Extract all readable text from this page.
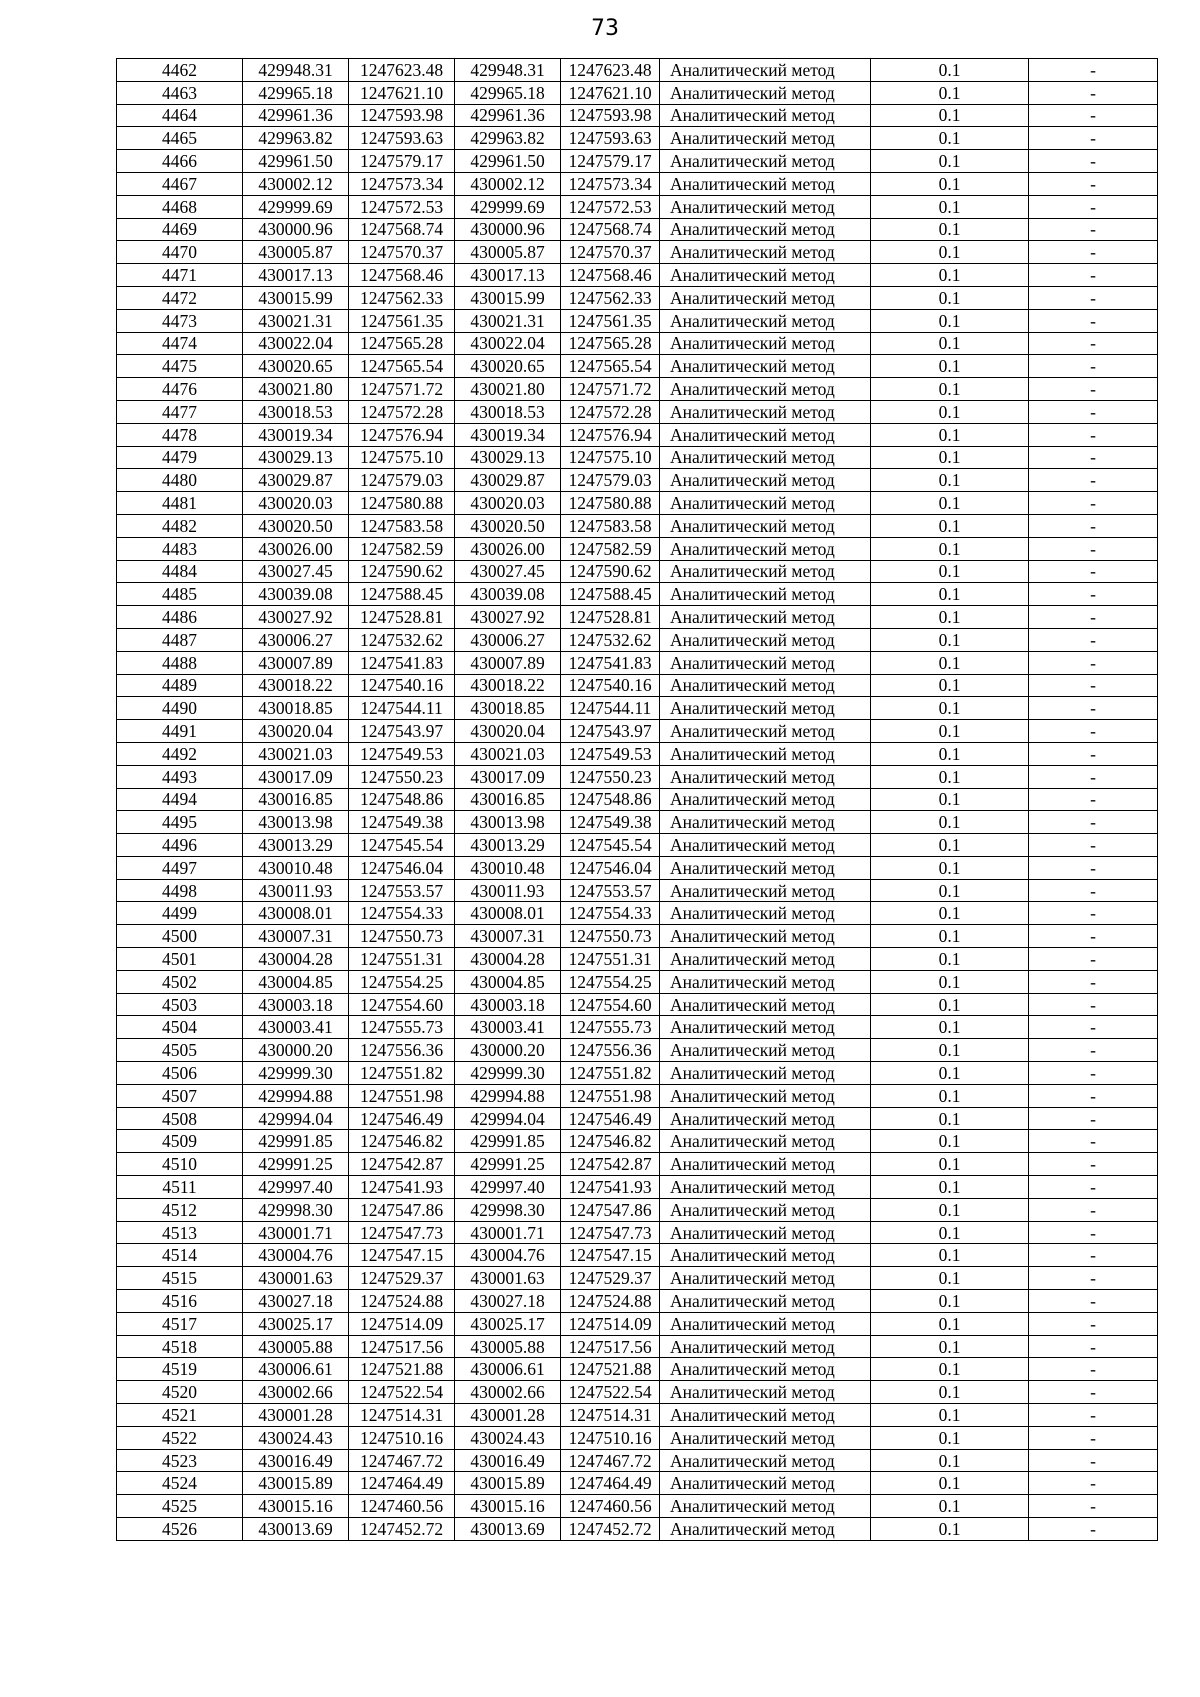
73
4462	429948.31	1247623.48	429948.31	1247623.48	Аналитический метод	0.1	-
4463	429965.18	1247621.10	429965.18	1247621.10	Аналитический метод	0.1	-
4464	429961.36	1247593.98	429961.36	1247593.98	Аналитический метод	0.1	-
4465	429963.82	1247593.63	429963.82	1247593.63	Аналитический метод	0.1	-
4466	429961.50	1247579.17	429961.50	1247579.17	Аналитический метод	0.1	-
4467	430002.12	1247573.34	430002.12	1247573.34	Аналитический метод	0.1	-
4468	429999.69	1247572.53	429999.69	1247572.53	Аналитический метод	0.1	-
4469	430000.96	1247568.74	430000.96	1247568.74	Аналитический метод	0.1	-
4470	430005.87	1247570.37	430005.87	1247570.37	Аналитический метод	0.1	-
4471	430017.13	1247568.46	430017.13	1247568.46	Аналитический метод	0.1	-
4472	430015.99	1247562.33	430015.99	1247562.33	Аналитический метод	0.1	-
4473	430021.31	1247561.35	430021.31	1247561.35	Аналитический метод	0.1	-
4474	430022.04	1247565.28	430022.04	1247565.28	Аналитический метод	0.1	-
4475	430020.65	1247565.54	430020.65	1247565.54	Аналитический метод	0.1	-
4476	430021.80	1247571.72	430021.80	1247571.72	Аналитический метод	0.1	-
4477	430018.53	1247572.28	430018.53	1247572.28	Аналитический метод	0.1	-
4478	430019.34	1247576.94	430019.34	1247576.94	Аналитический метод	0.1	-
4479	430029.13	1247575.10	430029.13	1247575.10	Аналитический метод	0.1	-
4480	430029.87	1247579.03	430029.87	1247579.03	Аналитический метод	0.1	-
4481	430020.03	1247580.88	430020.03	1247580.88	Аналитический метод	0.1	-
4482	430020.50	1247583.58	430020.50	1247583.58	Аналитический метод	0.1	-
4483	430026.00	1247582.59	430026.00	1247582.59	Аналитический метод	0.1	-
4484	430027.45	1247590.62	430027.45	1247590.62	Аналитический метод	0.1	-
4485	430039.08	1247588.45	430039.08	1247588.45	Аналитический метод	0.1	-
4486	430027.92	1247528.81	430027.92	1247528.81	Аналитический метод	0.1	-
4487	430006.27	1247532.62	430006.27	1247532.62	Аналитический метод	0.1	-
4488	430007.89	1247541.83	430007.89	1247541.83	Аналитический метод	0.1	-
4489	430018.22	1247540.16	430018.22	1247540.16	Аналитический метод	0.1	-
4490	430018.85	1247544.11	430018.85	1247544.11	Аналитический метод	0.1	-
4491	430020.04	1247543.97	430020.04	1247543.97	Аналитический метод	0.1	-
4492	430021.03	1247549.53	430021.03	1247549.53	Аналитический метод	0.1	-
4493	430017.09	1247550.23	430017.09	1247550.23	Аналитический метод	0.1	-
4494	430016.85	1247548.86	430016.85	1247548.86	Аналитический метод	0.1	-
4495	430013.98	1247549.38	430013.98	1247549.38	Аналитический метод	0.1	-
4496	430013.29	1247545.54	430013.29	1247545.54	Аналитический метод	0.1	-
4497	430010.48	1247546.04	430010.48	1247546.04	Аналитический метод	0.1	-
4498	430011.93	1247553.57	430011.93	1247553.57	Аналитический метод	0.1	-
4499	430008.01	1247554.33	430008.01	1247554.33	Аналитический метод	0.1	-
4500	430007.31	1247550.73	430007.31	1247550.73	Аналитический метод	0.1	-
4501	430004.28	1247551.31	430004.28	1247551.31	Аналитический метод	0.1	-
4502	430004.85	1247554.25	430004.85	1247554.25	Аналитический метод	0.1	-
4503	430003.18	1247554.60	430003.18	1247554.60	Аналитический метод	0.1	-
4504	430003.41	1247555.73	430003.41	1247555.73	Аналитический метод	0.1	-
4505	430000.20	1247556.36	430000.20	1247556.36	Аналитический метод	0.1	-
4506	429999.30	1247551.82	429999.30	1247551.82	Аналитический метод	0.1	-
4507	429994.88	1247551.98	429994.88	1247551.98	Аналитический метод	0.1	-
4508	429994.04	1247546.49	429994.04	1247546.49	Аналитический метод	0.1	-
4509	429991.85	1247546.82	429991.85	1247546.82	Аналитический метод	0.1	-
4510	429991.25	1247542.87	429991.25	1247542.87	Аналитический метод	0.1	-
4511	429997.40	1247541.93	429997.40	1247541.93	Аналитический метод	0.1	-
4512	429998.30	1247547.86	429998.30	1247547.86	Аналитический метод	0.1	-
4513	430001.71	1247547.73	430001.71	1247547.73	Аналитический метод	0.1	-
4514	430004.76	1247547.15	430004.76	1247547.15	Аналитический метод	0.1	-
4515	430001.63	1247529.37	430001.63	1247529.37	Аналитический метод	0.1	-
4516	430027.18	1247524.88	430027.18	1247524.88	Аналитический метод	0.1	-
4517	430025.17	1247514.09	430025.17	1247514.09	Аналитический метод	0.1	-
4518	430005.88	1247517.56	430005.88	1247517.56	Аналитический метод	0.1	-
4519	430006.61	1247521.88	430006.61	1247521.88	Аналитический метод	0.1	-
4520	430002.66	1247522.54	430002.66	1247522.54	Аналитический метод	0.1	-
4521	430001.28	1247514.31	430001.28	1247514.31	Аналитический метод	0.1	-
4522	430024.43	1247510.16	430024.43	1247510.16	Аналитический метод	0.1	-
4523	430016.49	1247467.72	430016.49	1247467.72	Аналитический метод	0.1	-
4524	430015.89	1247464.49	430015.89	1247464.49	Аналитический метод	0.1	-
4525	430015.16	1247460.56	430015.16	1247460.56	Аналитический метод	0.1	-
4526	430013.69	1247452.72	430013.69	1247452.72	Аналитический метод	0.1	-
